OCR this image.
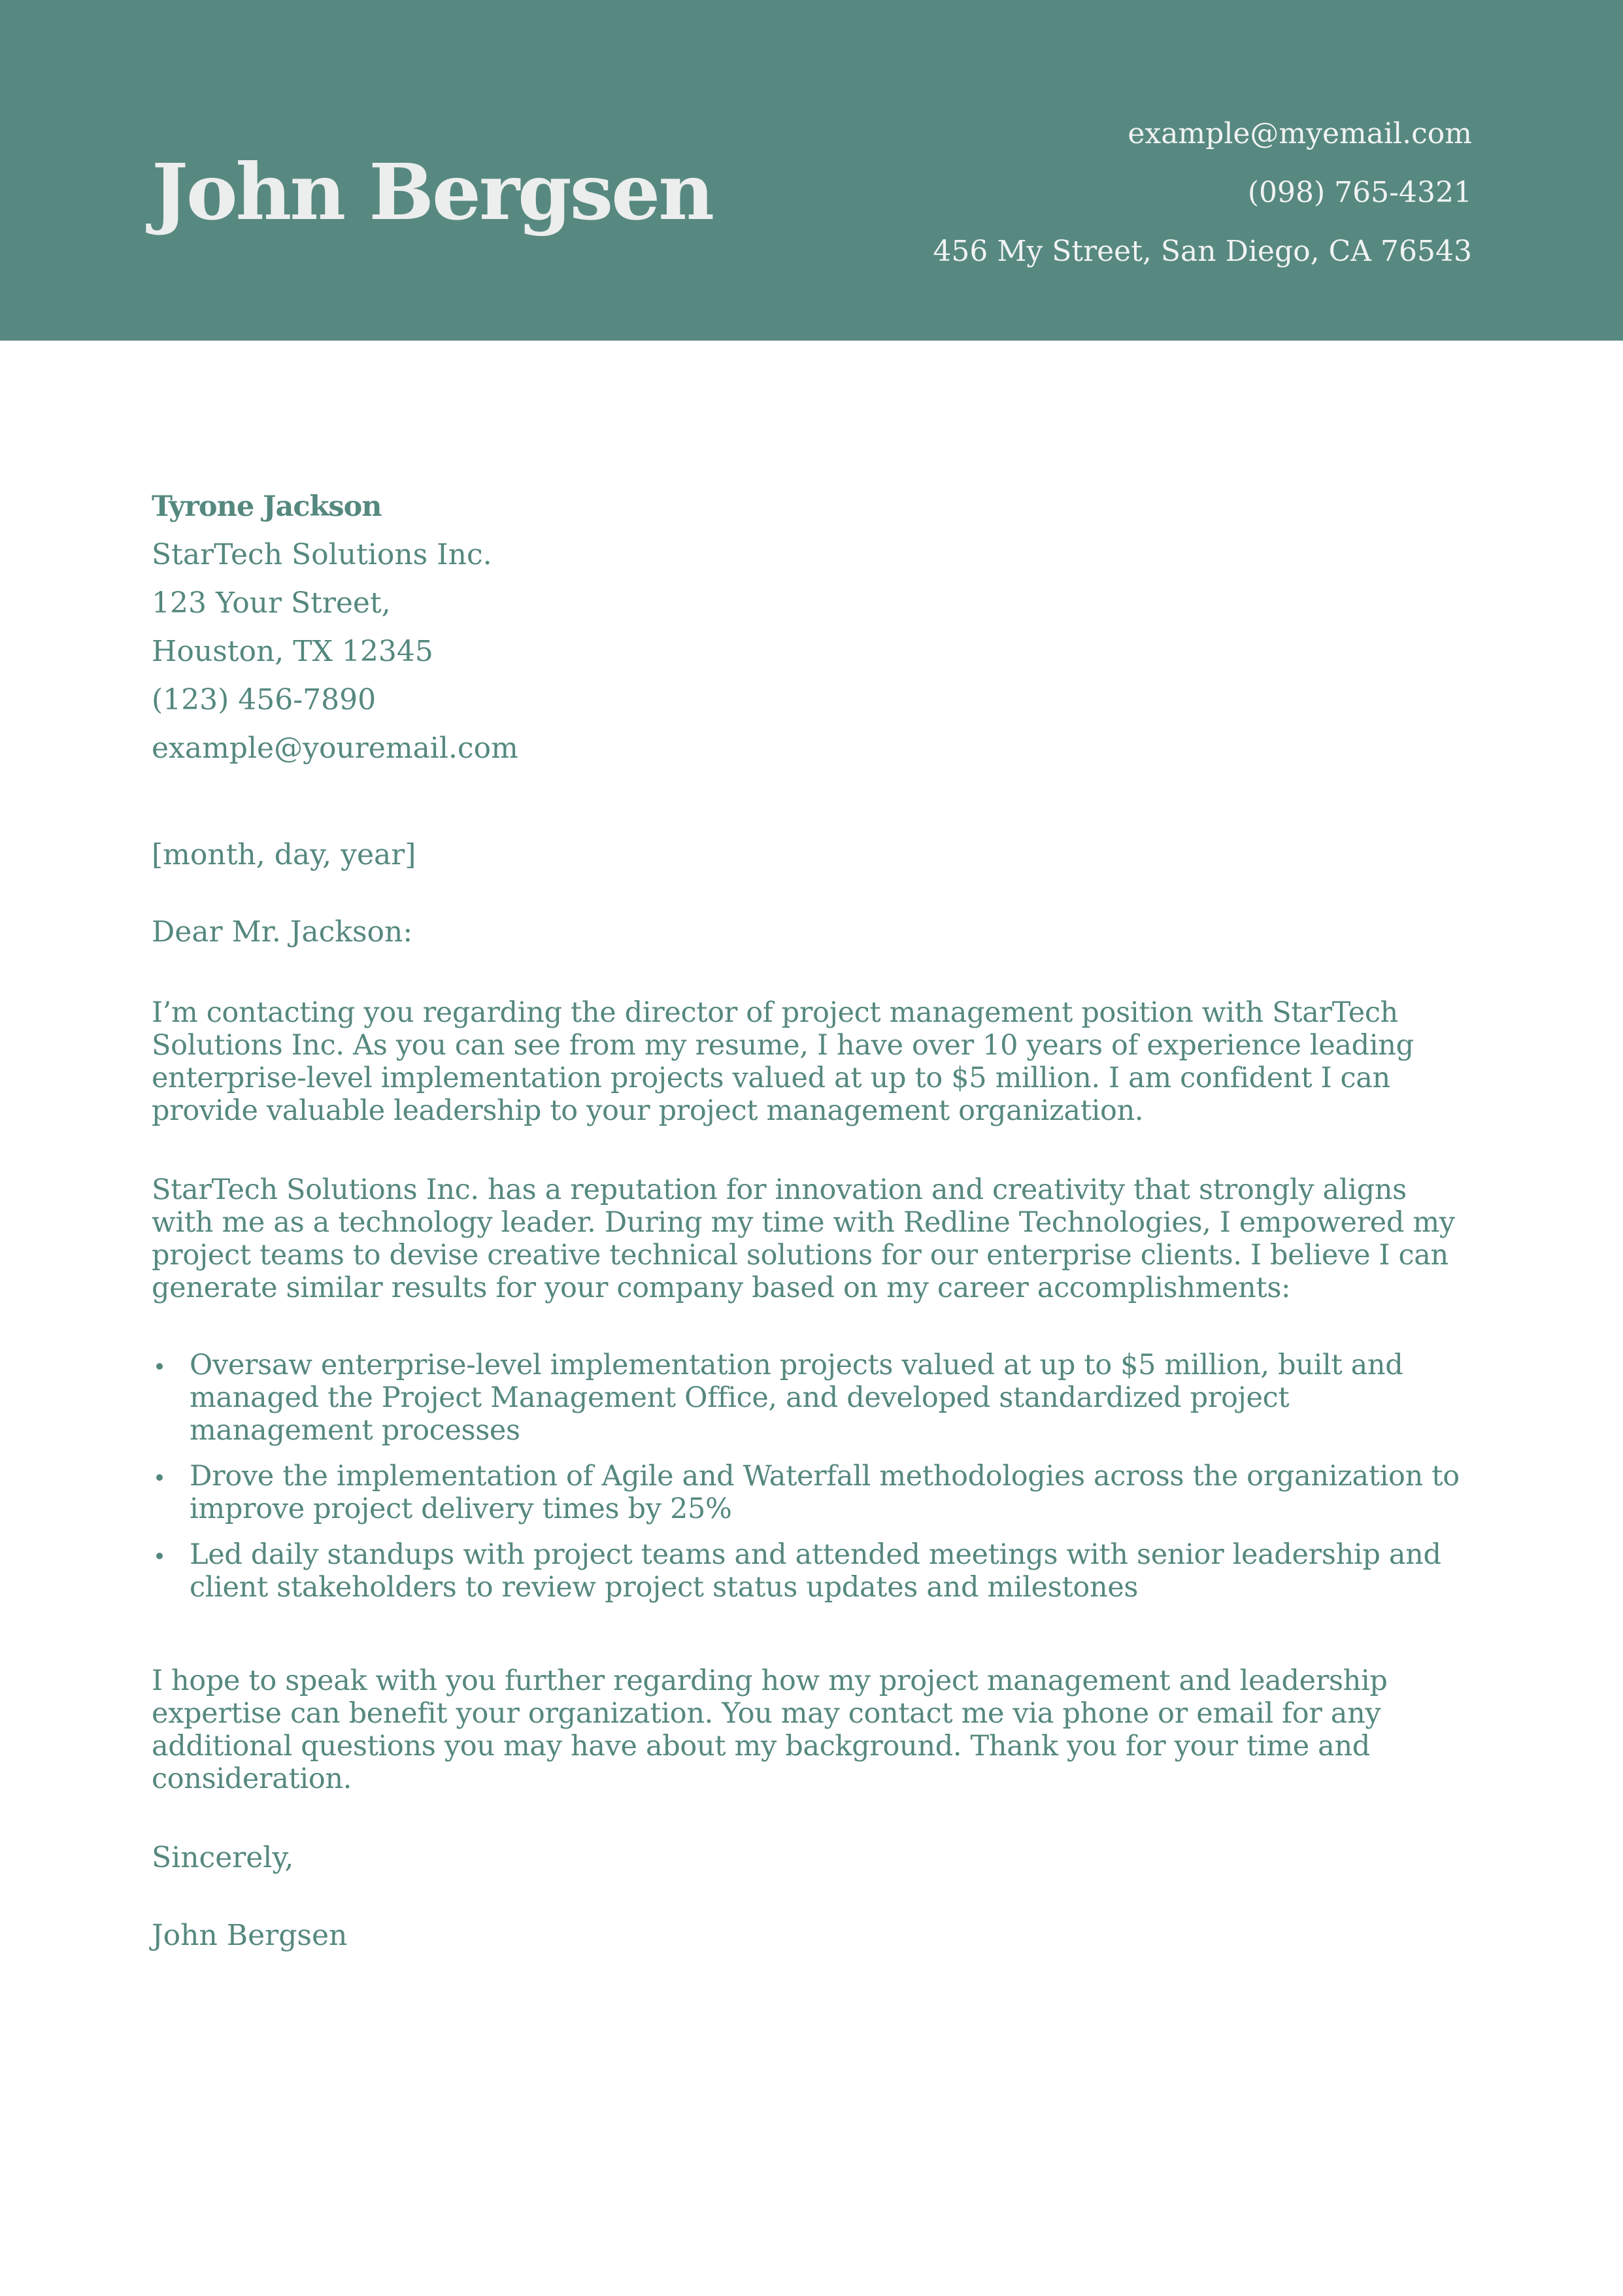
John Bergsen
example@myemail.com
(098) 765-4321
456 My Street, San Diego, CA 76543
Tyrone Jackson
StarTech Solutions Inc.
123 Your Street,
Houston, TX 12345
(123) 456-7890
example@youremail.com
[month, day, year]
Dear Mr. Jackson:

I’m contacting you regarding the director of project management position with StarTech Solutions Inc. As you can see from my resume, I have over 10 years of experience leading enterprise-level implementation projects valued at up to $5 million. I am confident I can provide valuable leadership to your project management organization.

StarTech Solutions Inc. has a reputation for innovation and creativity that strongly aligns with me as a technology leader. During my time with Redline Technologies, I empowered my project teams to devise creative technical solutions for our enterprise clients. I believe I can generate similar results for your company based on my career accomplishments:

Oversaw enterprise-level implementation projects valued at up to $5 million, built and managed the Project Management Office, and developed standardized project management processes
Drove the implementation of Agile and Waterfall methodologies across the organization to improve project delivery times by 25%
Led daily standups with project teams and attended meetings with senior leadership and client stakeholders to review project status updates and milestones

I hope to speak with you further regarding how my project management and leadership expertise can benefit your organization. You may contact me via phone or email for any additional questions you may have about my background. Thank you for your time and consideration.

Sincerely,
John Bergsen
